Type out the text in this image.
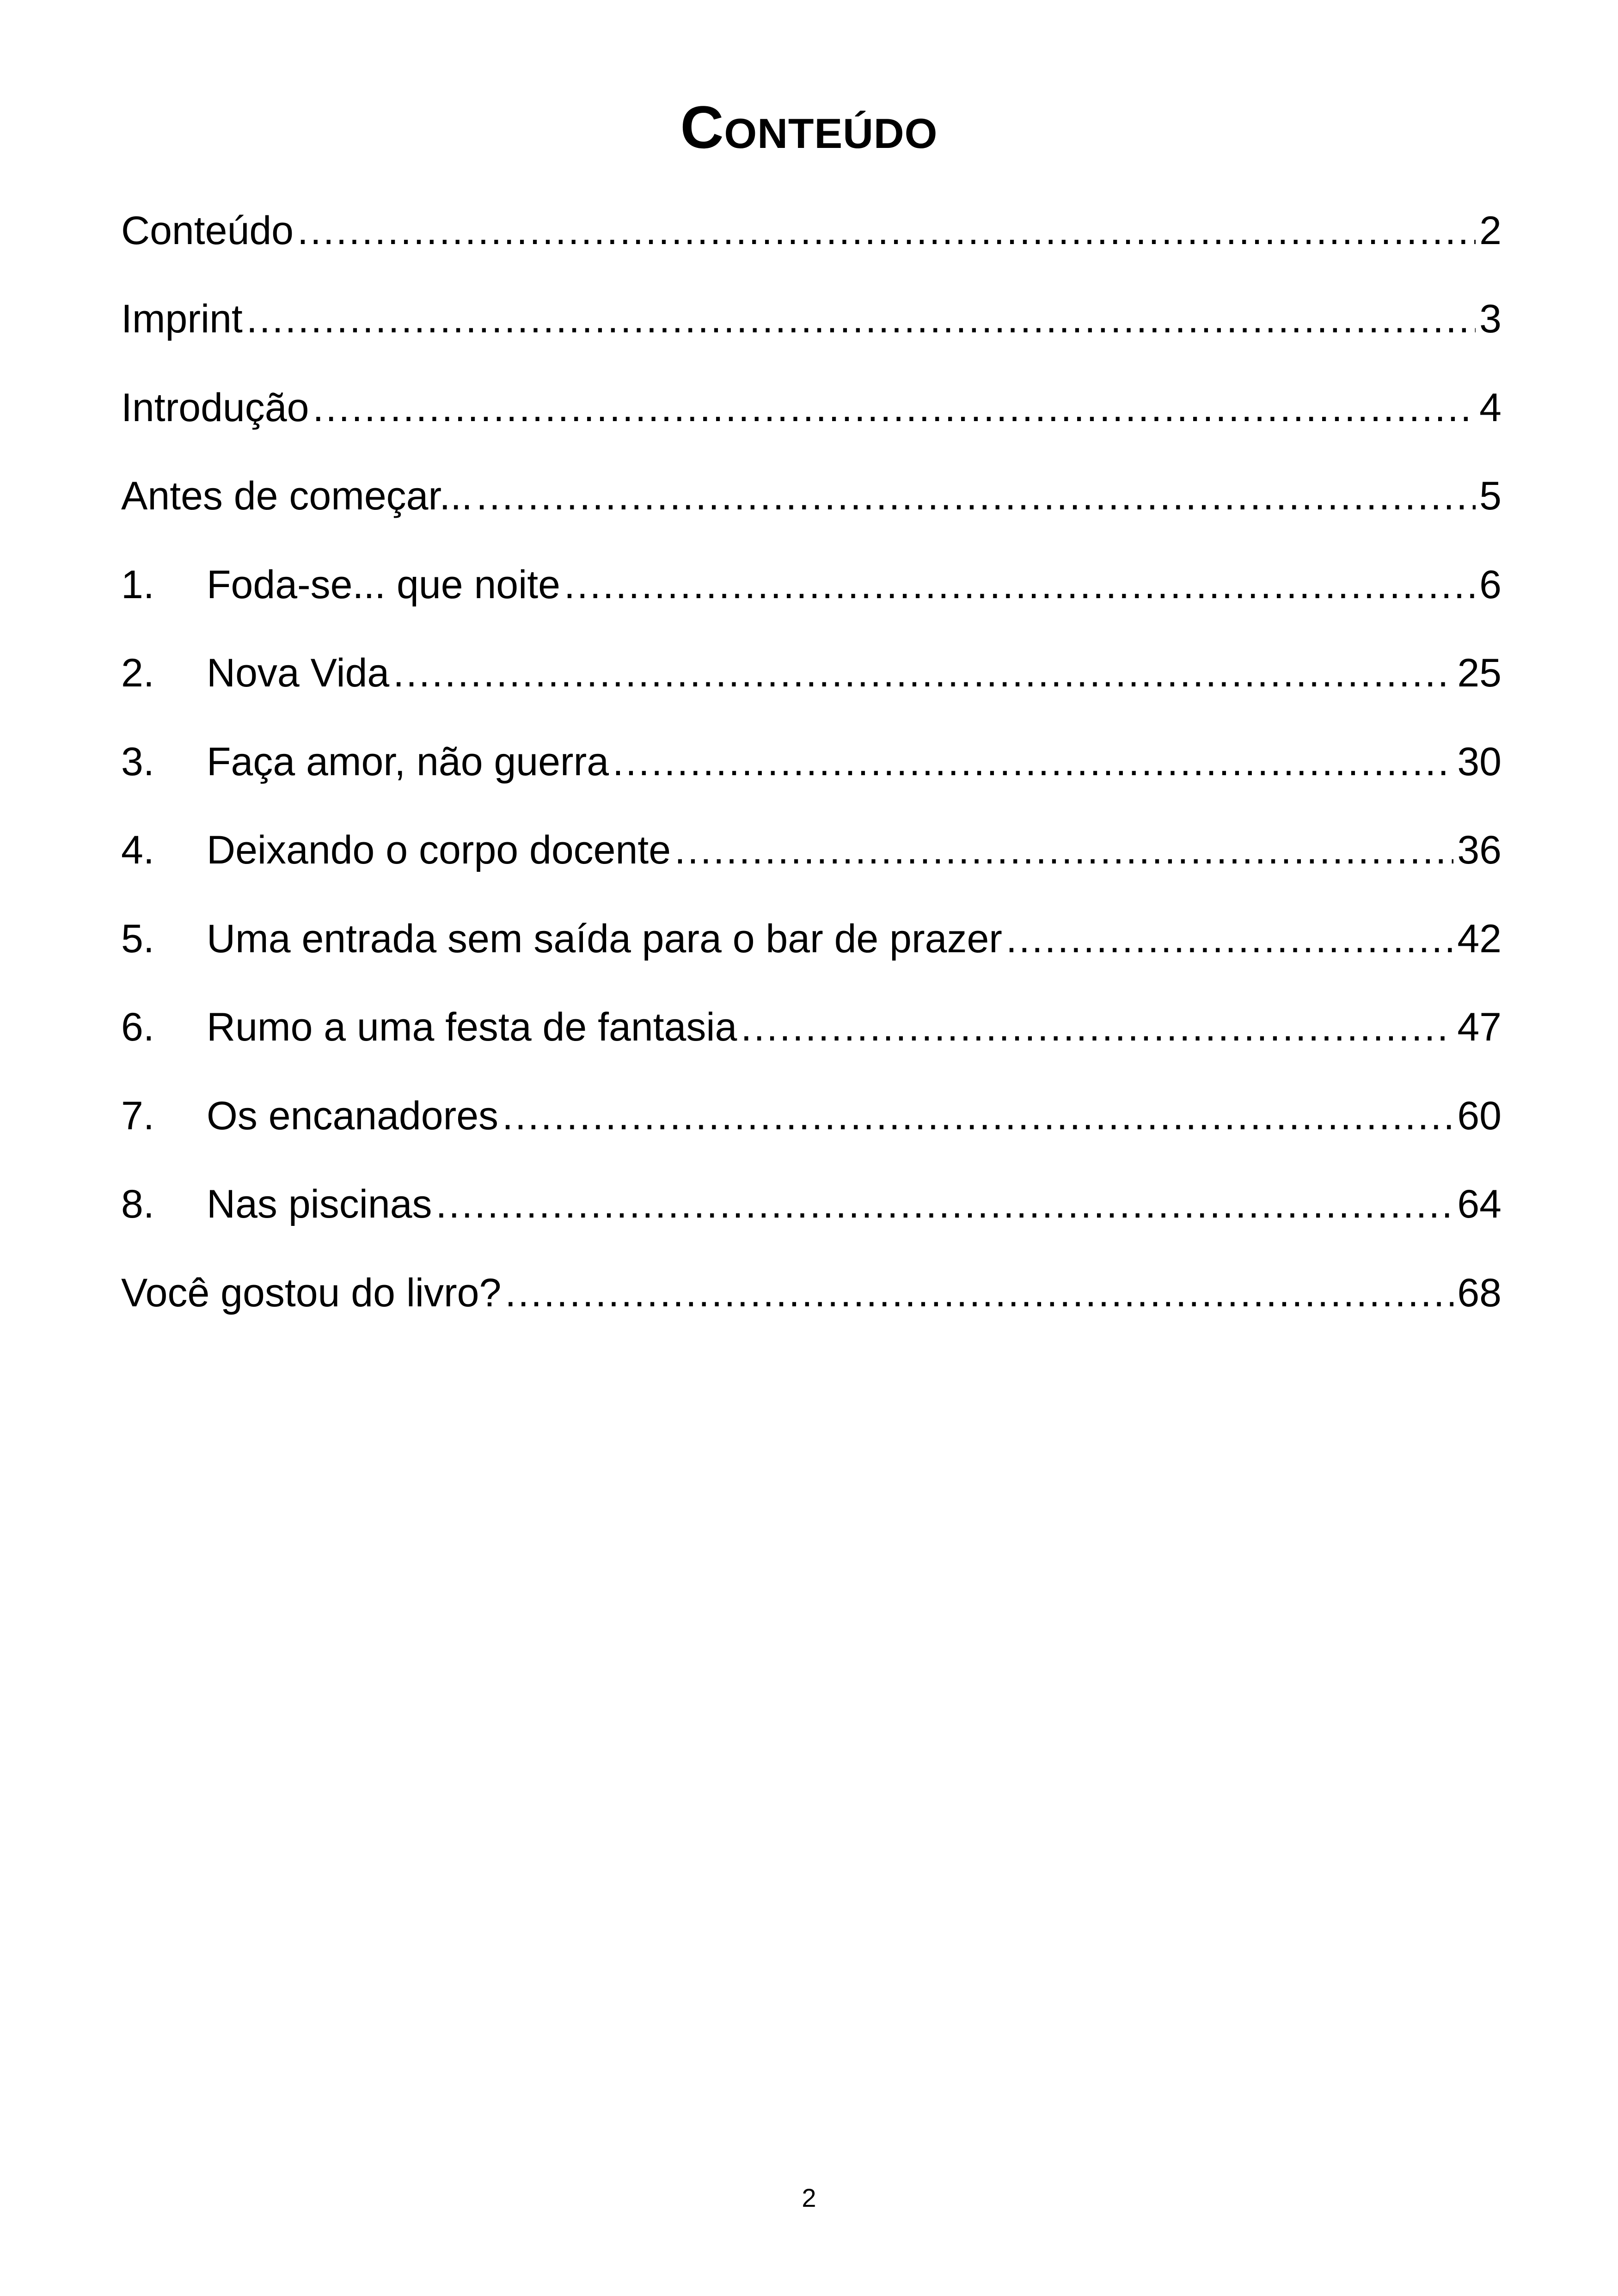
Conteúdo
Conteúdo .....	2
Imprint .....	3
Introdução .....	4
Antes de começar... .....	5
1.	Foda-se... que noite .....	6
2.	Nova Vida .....	25
3.	Faça amor, não guerra .....	30
4.	Deixando o corpo docente .....	36
5.	Uma entrada sem saída para o bar de prazer .....	42
6.	Rumo a uma festa de fantasia .....	47
7.	Os encanadores .....	60
8.	Nas piscinas .....	64
Você gostou do livro? .....	68
2
